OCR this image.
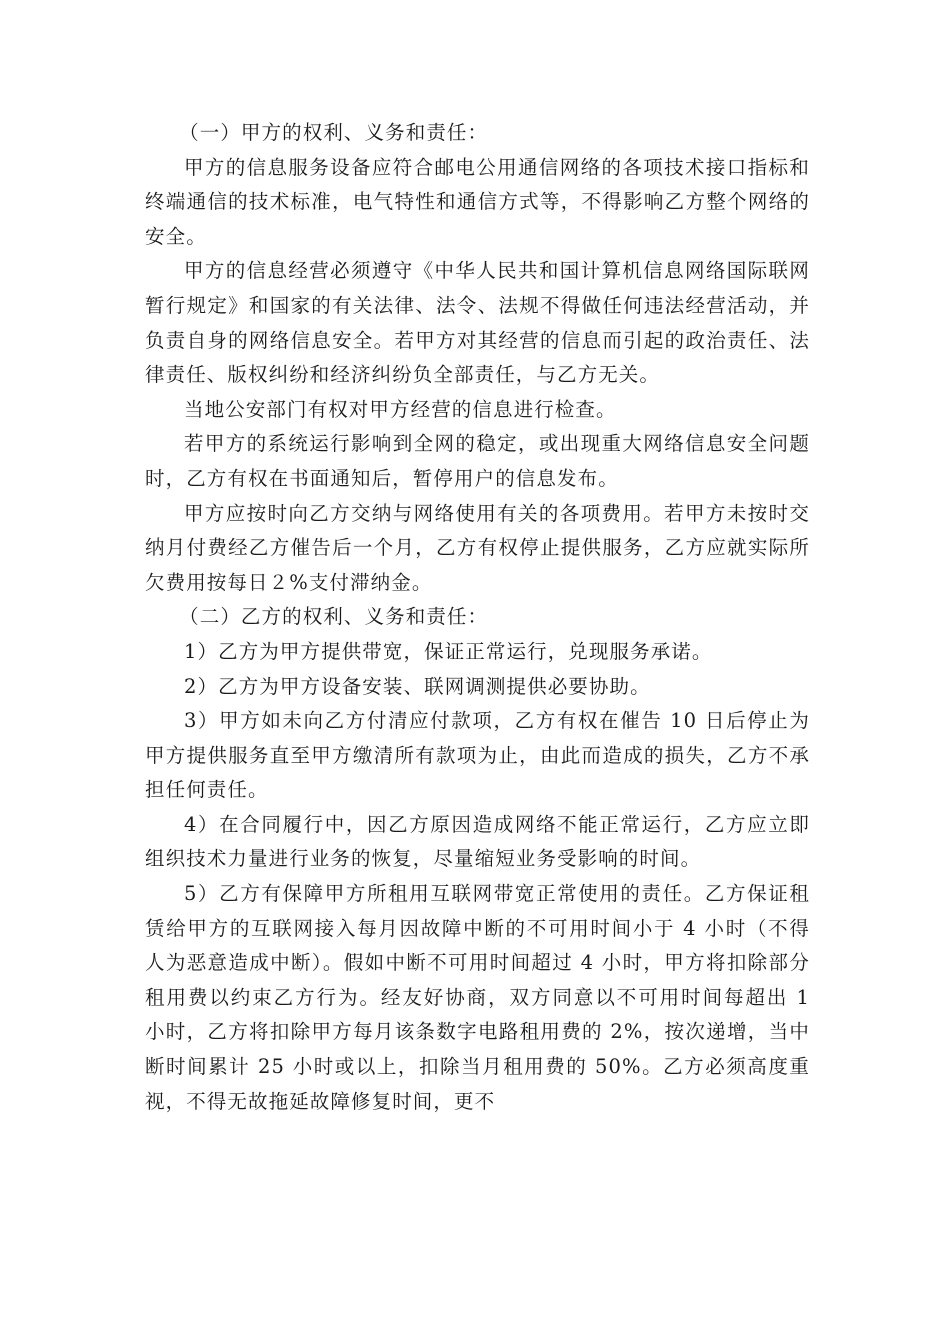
（一）甲方的权利、义务和责任：

甲方的信息服务设备应符合邮电公用通信网络的各项技术接口指标和终端通信的技术标准，电气特性和通信方式等，不得影响乙方整个网络的安全。

甲方的信息经营必须遵守《中华人民共和国计算机信息网络国际联网暂行规定》和国家的有关法律、法令、法规不得做任何违法经营活动，并负责自身的网络信息安全。若甲方对其经营的信息而引起的政治责任、法律责任、版权纠纷和经济纠纷负全部责任，与乙方无关。

当地公安部门有权对甲方经营的信息进行检查。

若甲方的系统运行影响到全网的稳定，或出现重大网络信息安全问题时，乙方有权在书面通知后，暂停用户的信息发布。

甲方应按时向乙方交纳与网络使用有关的各项费用。若甲方未按时交纳月付费经乙方催告后一个月，乙方有权停止提供服务，乙方应就实际所欠费用按每日２%支付滞纳金。

（二）乙方的权利、义务和责任：

1）乙方为甲方提供带宽，保证正常运行，兑现服务承诺。

2）乙方为甲方设备安装、联网调测提供必要协助。

3）甲方如未向乙方付清应付款项，乙方有权在催告 10 日后停止为甲方提供服务直至甲方缴清所有款项为止，由此而造成的损失，乙方不承担任何责任。

4）在合同履行中，因乙方原因造成网络不能正常运行，乙方应立即组织技术力量进行业务的恢复，尽量缩短业务受影响的时间。

5）乙方有保障甲方所租用互联网带宽正常使用的责任。乙方保证租赁给甲方的互联网接入每月因故障中断的不可用时间小于 4 小时（不得人为恶意造成中断）。假如中断不可用时间超过 4 小时，甲方将扣除部分租用费以约束乙方行为。经友好协商，双方同意以不可用时间每超出 1 小时，乙方将扣除甲方每月该条数字电路租用费的 2%，按次递增，当中断时间累计 25 小时或以上，扣除当月租用费的 50%。乙方必须高度重视，不得无故拖延故障修复时间，更不
